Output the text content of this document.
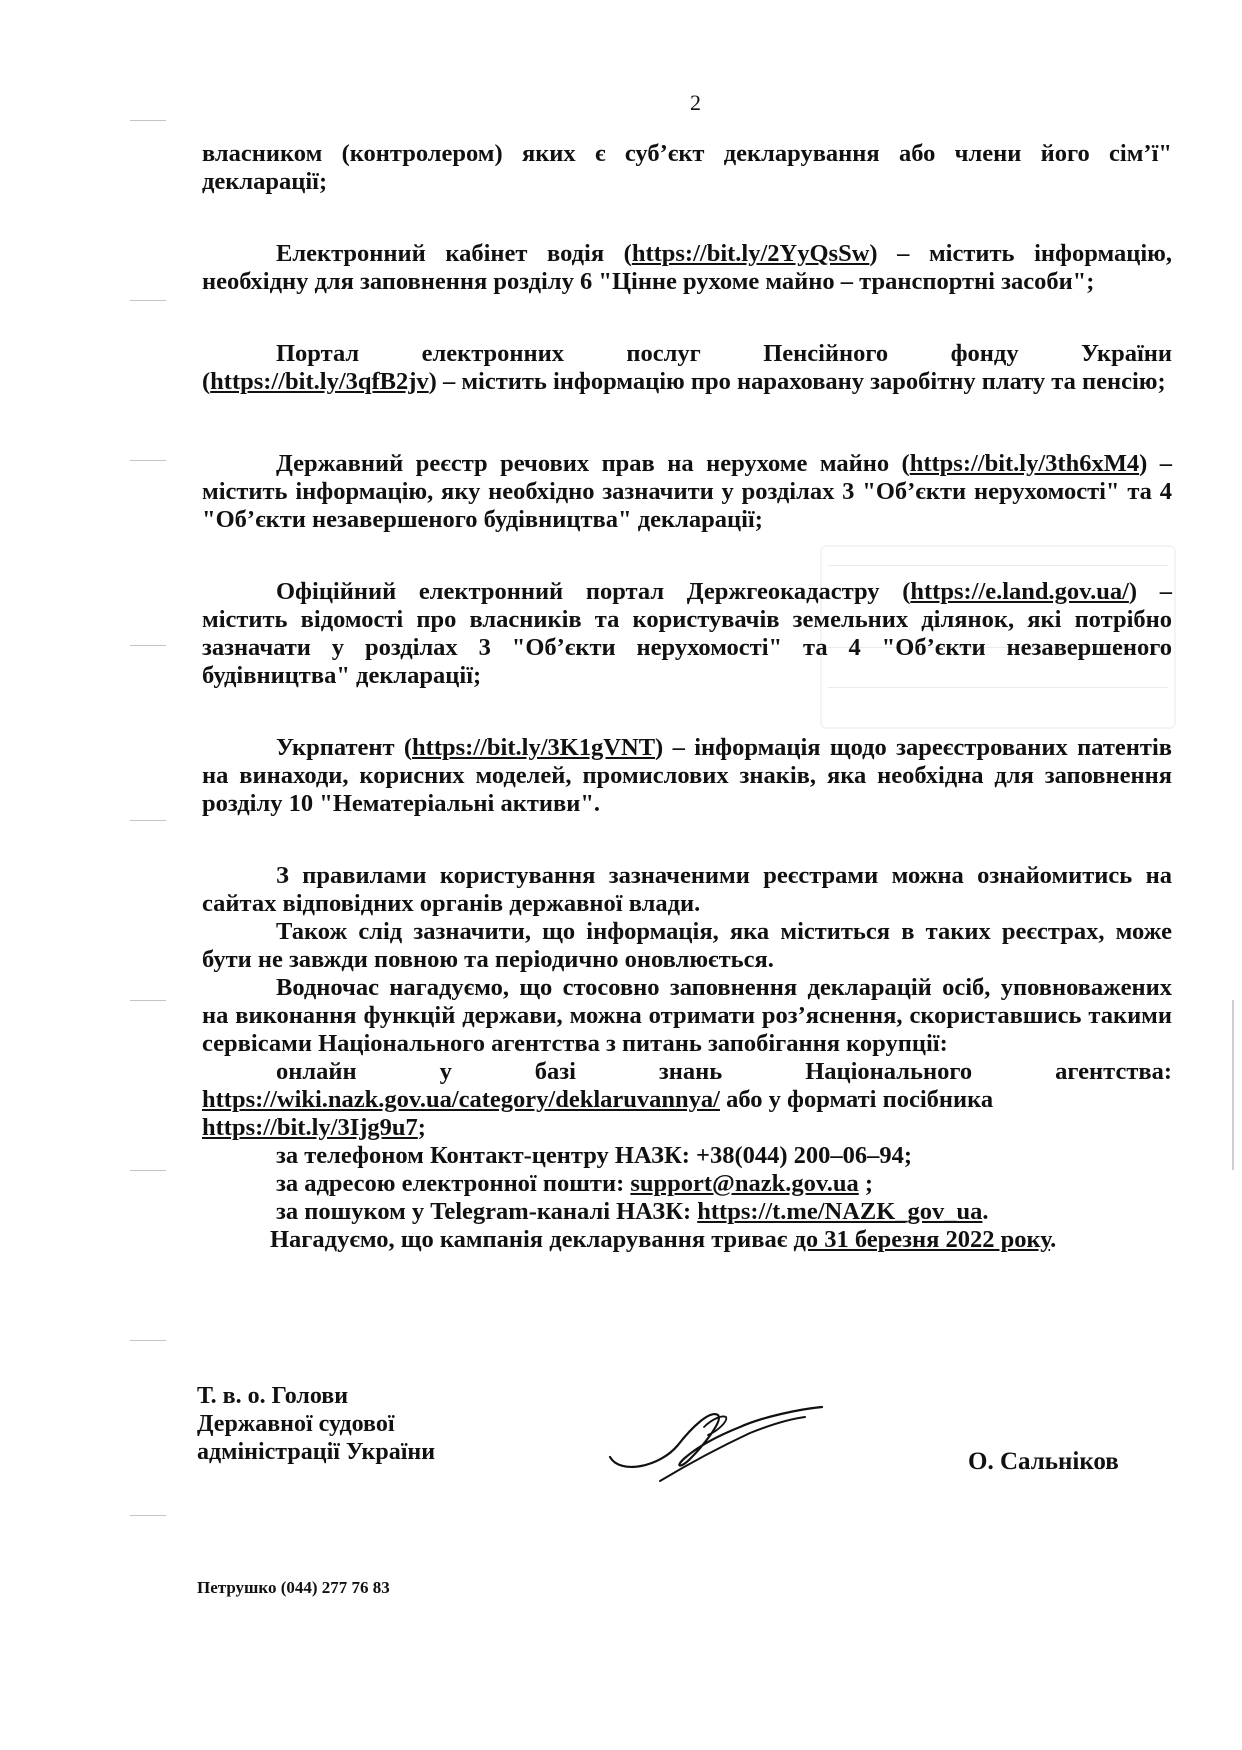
2

власником (контролером) яких є суб’єкт декларування або члени його сім’ї" декларації;

Електронний кабінет водія (https://bit.ly/2YyQsSw) – містить інформацію, необхідну для заповнення розділу 6 "Цінне рухоме майно – транспортні засоби";

Портал електронних послуг Пенсійного фонду України

(https://bit.ly/3qfB2jv) – містить інформацію про нараховану заробітну плату та пенсію;

Державний реєстр речових прав на нерухоме майно (https://bit.ly/3th6xM4) – містить інформацію, яку необхідно зазначити у розділах 3 "Об’єкти нерухомості" та 4 "Об’єкти незавершеного будівництва" декларації;

Офіційний електронний портал Держгеокадастру (https://e.land.gov.ua/) – містить відомості про власників та користувачів земельних ділянок, які потрібно зазначати у розділах 3 "Об’єкти нерухомості" та 4 "Об’єкти незавершеного будівництва" декларації;

Укрпатент (https://bit.ly/3K1gVNT) – інформація щодо зареєстрованих патентів на винаходи, корисних моделей, промислових знаків, яка необхідна для заповнення розділу 10 "Нематеріальні активи".

З правилами користування зазначеними реєстрами можна ознайомитись на сайтах відповідних органів державної влади.

Також слід зазначити, що інформація, яка міститься в таких реєстрах, може бути не завжди повною та періодично оновлюється.

Водночас нагадуємо, що стосовно заповнення декларацій осіб, уповноважених на виконання функцій держави, можна отримати роз’яснення, скориставшись такими сервісами Національного агентства з питань запобігання корупції:

онлайн у базі знань Національного агентства:

https://wiki.nazk.gov.ua/category/deklaruvannya/ або у форматі посібника
https://bit.ly/3Ijg9u7;

за телефоном Контакт-центру НАЗК: +38(044) 200–06–94;

за адресою електронної пошти: support@nazk.gov.ua ;

за пошуком у Telegram-каналі НАЗК: https://t.me/NAZK_gov_ua.

Нагадуємо, що кампанія декларування триває до 31 березня 2022 року.

Т. в. о. Голови
Державної судової
адміністрації України	О. Сальніков
Петрушко (044) 277 76 83
